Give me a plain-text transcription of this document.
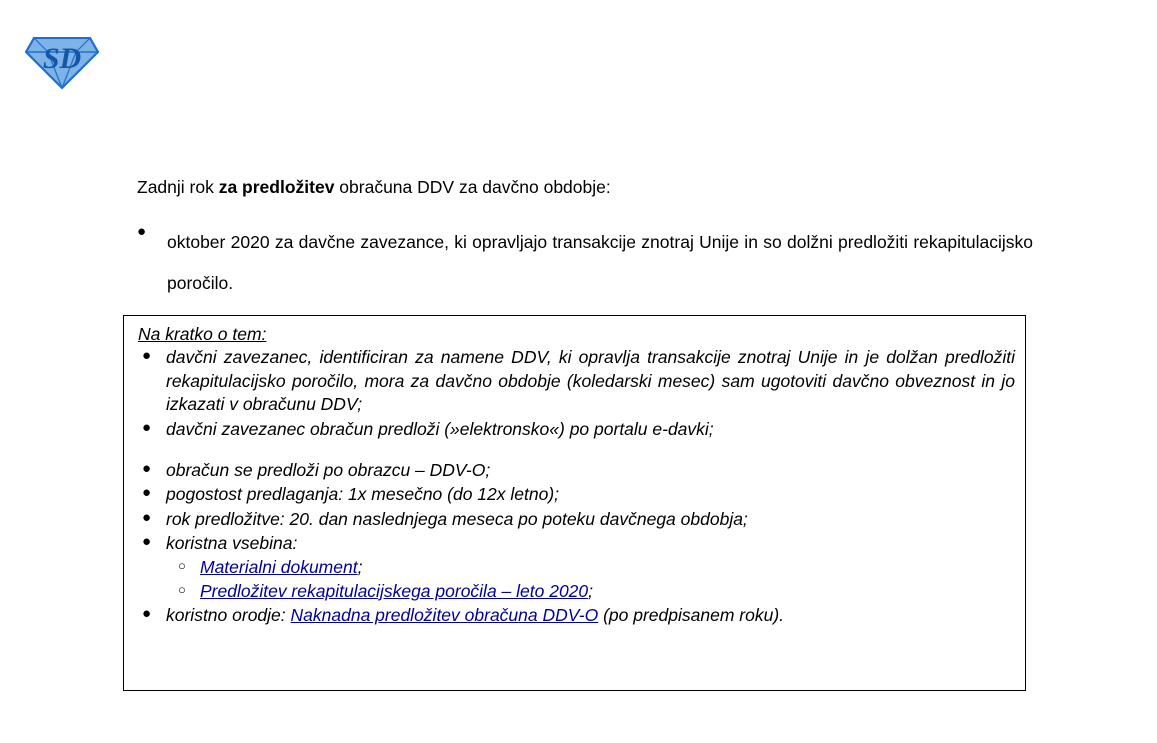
SD
Zadnji rok za predložitev obračuna DDV za davčno obdobje:
●
oktober 2020 za davčne zavezance, ki opravljajo transakcije znotraj Unije in so dolžni predložiti rekapitulacijsko poročilo.
Na kratko o tem:
● davčni zavezanec, identificiran za namene DDV, ki opravlja transakcije znotraj Unije in je dolžan predložiti rekapitulacijsko poročilo, mora za davčno obdobje (koledarski mesec) sam ugotoviti davčno obveznost in jo izkazati v obračunu DDV;
● davčni zavezanec obračun predloži (»elektronsko«) po portalu e-davki;
● obračun se predloži po obrazcu – DDV-O;
● pogostost predlaganja: 1x mesečno (do 12x letno);
● rok predložitve: 20. dan naslednjega meseca po poteku davčnega obdobja;
● koristna vsebina:
○ Materialni dokument;
○ Predložitev rekapitulacijskega poročila – leto 2020;
● koristno orodje: Naknadna predložitev obračuna DDV-O (po predpisanem roku).
